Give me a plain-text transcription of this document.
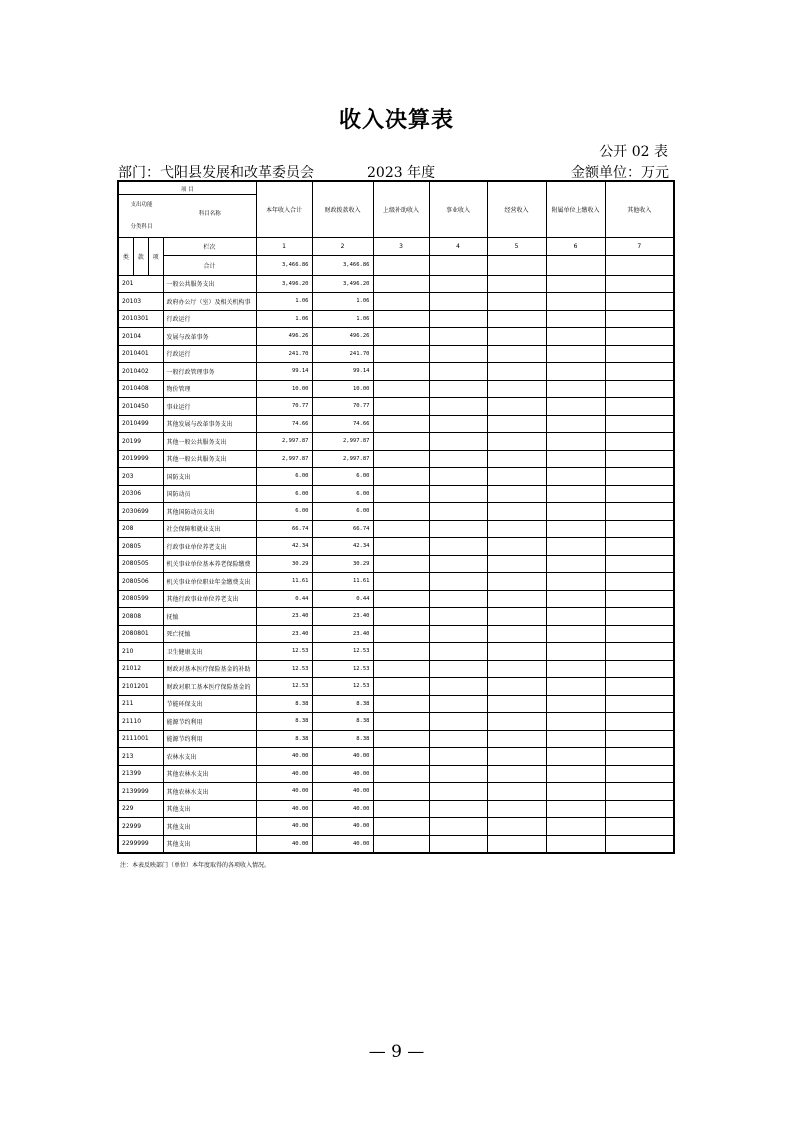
收入决算表
公开 02 表
部门：弋阳县发展和改革委员会	2023 年度	金额单位：万元
项 目
支出功能
科目名称
分类科目		本年收入合计	财政拨款收入	上级补助收入	事业收入	经营收入	附属单位上缴收入	其他收入

类 款 项	栏次	1	2	3	4	5	6	7
	合计	3,466.86	3,466.86					
201	一般公共服务支出	3,496.20	3,496.20					
20103	政府办公厅（室）及相关机构事	1.06	1.06					
2010301	行政运行	1.06	1.06					
20104	发展与改革事务	496.26	496.26					
2010401	行政运行	241.70	241.70					
2010402	一般行政管理事务	99.14	99.14					
2010408	物价管理	10.00	10.00					
2010450	事业运行	70.77	70.77					
2010499	其他发展与改革事务支出	74.66	74.66					
20199	其他一般公共服务支出	2,997.87	2,997.87					
2019999	其他一般公共服务支出	2,997.87	2,997.87					
203	国防支出	6.00	6.00					
20306	国防动员	6.00	6.00					
2030699	其他国防动员支出	6.00	6.00					
208	社会保障和就业支出	66.74	66.74					
20805	行政事业单位养老支出	42.34	42.34					
2080505	机关事业单位基本养老保险缴费	30.29	30.29					
2080506	机关事业单位职业年金缴费支出	11.61	11.61					
2080599	其他行政事业单位养老支出	0.44	0.44					
20808	抚恤	23.40	23.40					
2080801	死亡抚恤	23.40	23.40					
210	卫生健康支出	12.53	12.53					
21012	财政对基本医疗保险基金的补助	12.53	12.53					
2101201	财政对职工基本医疗保险基金的	12.53	12.53					
211	节能环保支出	8.38	8.38					
21110	能源节约利用	8.38	8.38					
2111001	能源节约利用	8.38	8.38					
213	农林水支出	40.00	40.00					
21399	其他农林水支出	40.00	40.00					
2139999	其他农林水支出	40.00	40.00					
229	其他支出	40.00	40.00					
22999	其他支出	40.00	40.00					
2299999	其他支出	40.00	40.00					
注：本表反映部门（单位）本年度取得的各项收入情况。
— 9 —
